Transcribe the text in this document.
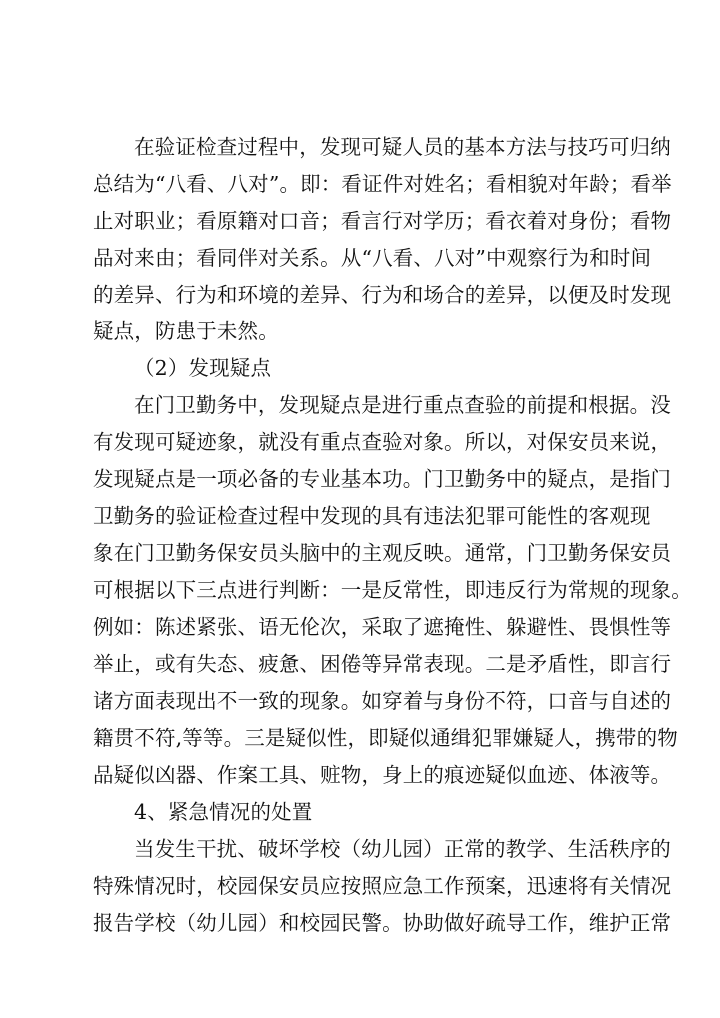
在验证检查过程中，发现可疑人员的基本方法与技巧可归纳
总结为“八看、八对”。即：看证件对姓名；看相貌对年龄；看举
止对职业；看原籍对口音；看言行对学历；看衣着对身份；看物
品对来由；看同伴对关系。从“八看、八对”中观察行为和时间
的差异、行为和环境的差异、行为和场合的差异，以便及时发现
疑点，防患于未然。
（2）发现疑点
在门卫勤务中，发现疑点是进行重点查验的前提和根据。没
有发现可疑迹象，就没有重点查验对象。所以，对保安员来说，
发现疑点是一项必备的专业基本功。门卫勤务中的疑点，是指门
卫勤务的验证检查过程中发现的具有违法犯罪可能性的客观现
象在门卫勤务保安员头脑中的主观反映。通常，门卫勤务保安员
可根据以下三点进行判断：一是反常性，即违反行为常规的现象。
例如：陈述紧张、语无伦次，采取了遮掩性、躲避性、畏惧性等
举止，或有失态、疲惫、困倦等异常表现。二是矛盾性，即言行
诸方面表现出不一致的现象。如穿着与身份不符，口音与自述的
籍贯不符,等等。三是疑似性，即疑似通缉犯罪嫌疑人，携带的物
品疑似凶器、作案工具、赃物，身上的痕迹疑似血迹、体液等。
4、紧急情况的处置
当发生干扰、破坏学校（幼儿园）正常的教学、生活秩序的
特殊情况时，校园保安员应按照应急工作预案，迅速将有关情况
报告学校（幼儿园）和校园民警。协助做好疏导工作，维护正常
